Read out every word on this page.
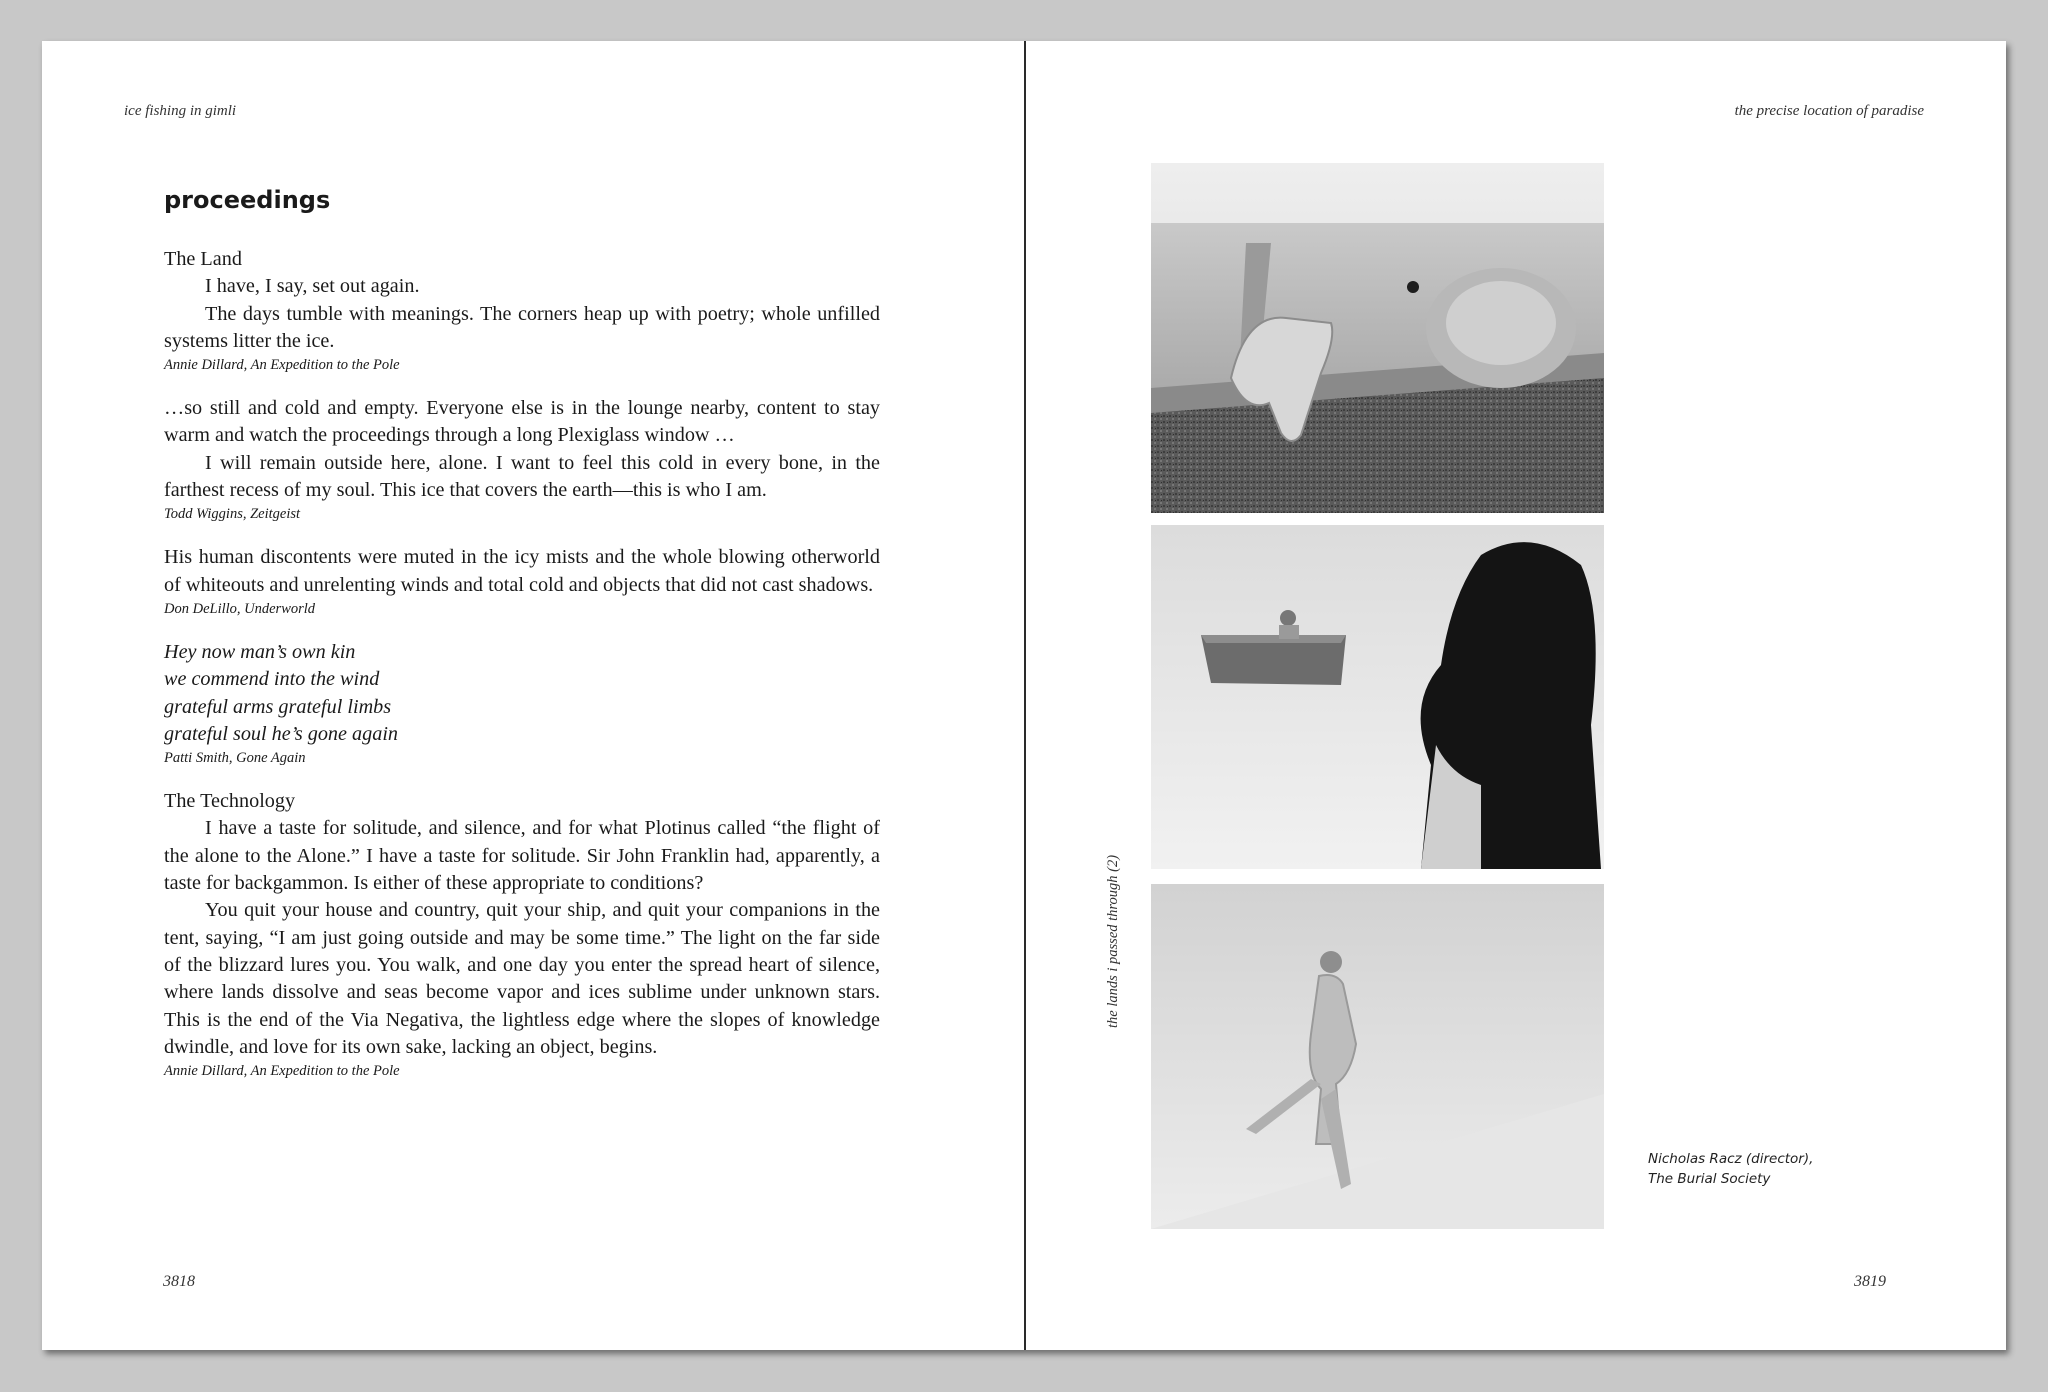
ice fishing in gimli
proceedings

The Land

I have, I say, set out again.

The days tumble with meanings. The corners heap up with poetry; whole unfilled systems litter the ice.

Annie Dillard, An Expedition to the Pole

…so still and cold and empty. Everyone else is in the lounge nearby, content to stay warm and watch the proceedings through a long Plexiglass window …

I will remain outside here, alone. I want to feel this cold in every bone, in the farthest recess of my soul. This ice that covers the earth—this is who I am.

Todd Wiggins, Zeitgeist

His human discontents were muted in the icy mists and the whole blowing otherworld of whiteouts and unrelenting winds and total cold and objects that did not cast shadows.

Don DeLillo, Underworld

Hey now man’s own kin

we commend into the wind

grateful arms grateful limbs

grateful soul he’s gone again

Patti Smith, Gone Again

The Technology

I have a taste for solitude, and silence, and for what Plotinus called “the flight of the alone to the Alone.” I have a taste for solitude. Sir John Franklin had, apparently, a taste for backgammon. Is either of these appropriate to conditions?

You quit your house and country, quit your ship, and quit your companions in the tent, saying, “I am just going outside and may be some time.” The light on the far side of the blizzard lures you. You walk, and one day you enter the spread heart of silence, where lands dissolve and seas become vapor and ices sublime under unknown stars. This is the end of the Via Negativa, the lightless edge where the slopes of knowledge dwindle, and love for its own sake, lacking an object, begins.

Annie Dillard, An Expedition to the Pole

3818
the precise location of paradise
the lands i passed through (2)
Nicholas Racz (director),
The Burial Society
3819
